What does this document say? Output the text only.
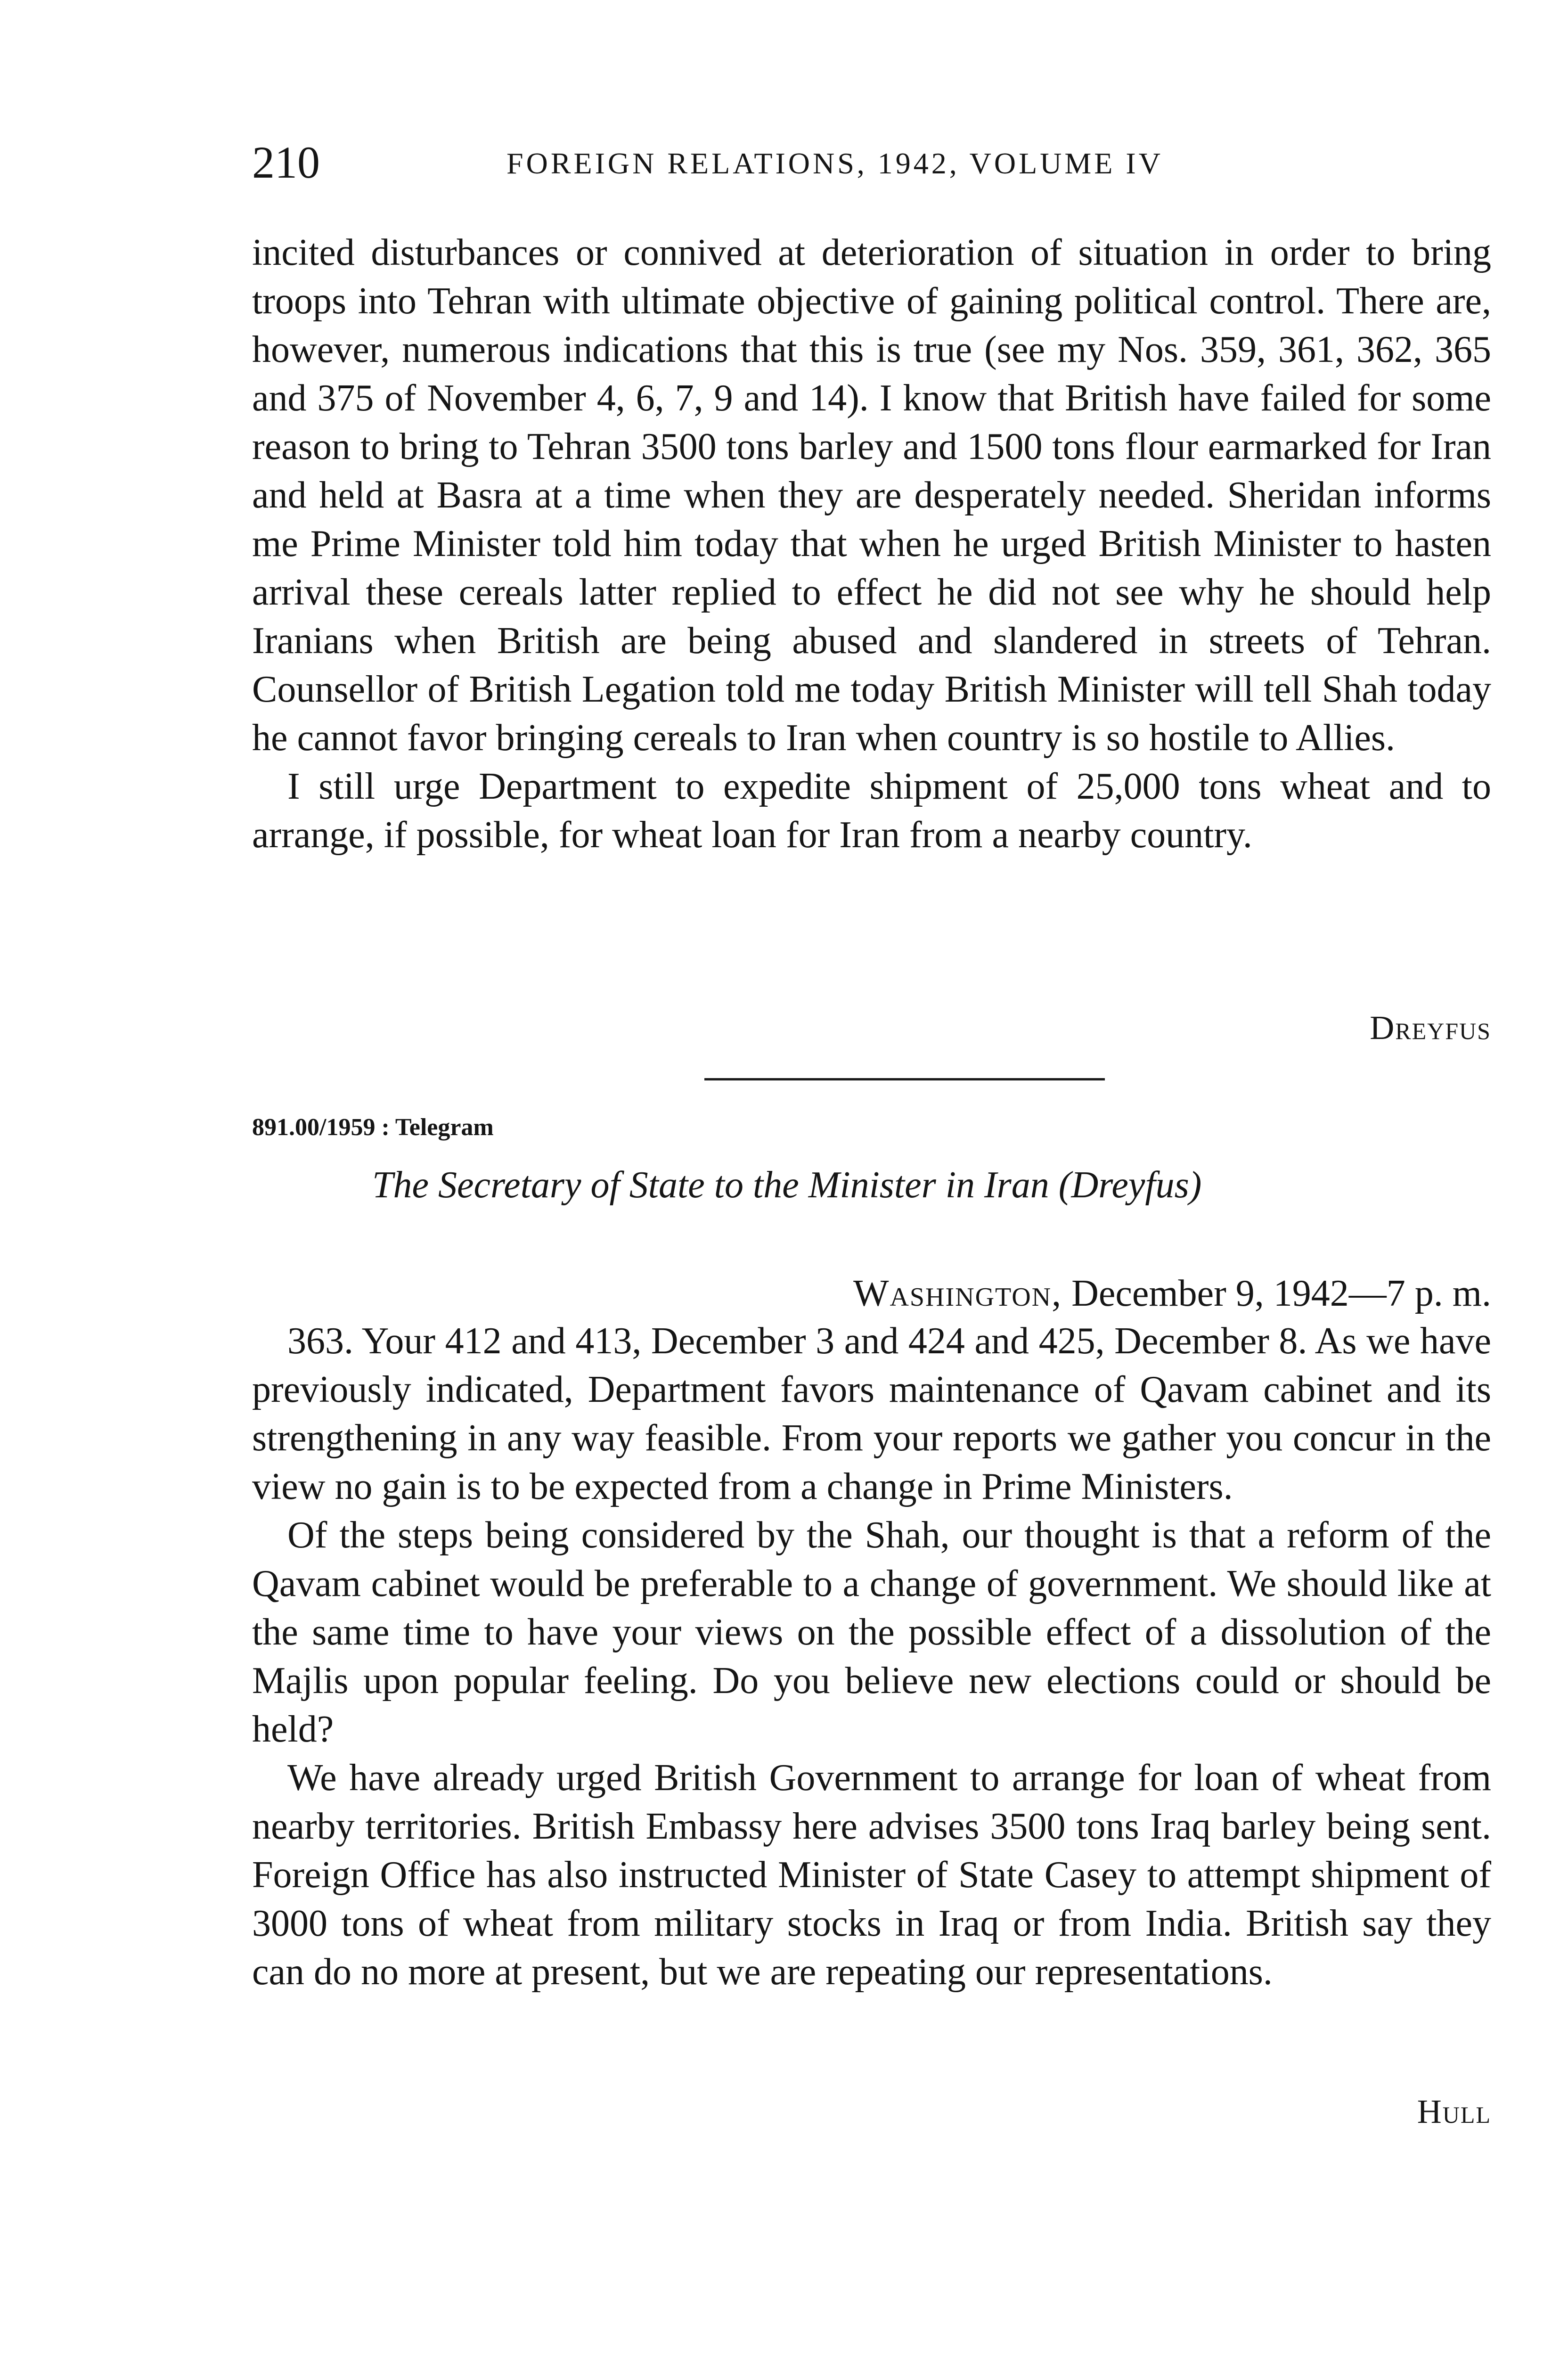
210	FOREIGN RELATIONS, 1942, VOLUME IV

incited disturbances or connived at deterioration of situation in order to bring troops into Tehran with ultimate objective of gaining political control. There are, however, numerous indications that this is true (see my Nos. 359, 361, 362, 365 and 375 of November 4, 6, 7, 9 and 14). I know that British have failed for some reason to bring to Tehran 3500 tons barley and 1500 tons flour earmarked for Iran and held at Basra at a time when they are desperately needed. Sheridan informs me Prime Minister told him today that when he urged British Minister to hasten arrival these cereals latter replied to effect he did not see why he should help Iranians when British are being abused and slandered in streets of Tehran. Counsellor of British Legation told me today British Minister will tell Shah today he cannot favor bringing cereals to Iran when country is so hostile to Allies.

I still urge Department to expedite shipment of 25,000 tons wheat and to arrange, if possible, for wheat loan for Iran from a nearby country.

Dreyfus
891.00/1959 : Telegram
The Secretary of State to the Minister in Iran (Dreyfus)
Washington, December 9, 1942—7 p. m.

363. Your 412 and 413, December 3 and 424 and 425, December 8. As we have previously indicated, Department favors maintenance of Qavam cabinet and its strengthening in any way feasible. From your reports we gather you concur in the view no gain is to be expected from a change in Prime Ministers.

Of the steps being considered by the Shah, our thought is that a reform of the Qavam cabinet would be preferable to a change of government. We should like at the same time to have your views on the possible effect of a dissolution of the Majlis upon popular feeling. Do you believe new elections could or should be held?

We have already urged British Government to arrange for loan of wheat from nearby territories. British Embassy here advises 3500 tons Iraq barley being sent. Foreign Office has also instructed Minister of State Casey to attempt shipment of 3000 tons of wheat from military stocks in Iraq or from India. British say they can do no more at present, but we are repeating our representations.

Hull
